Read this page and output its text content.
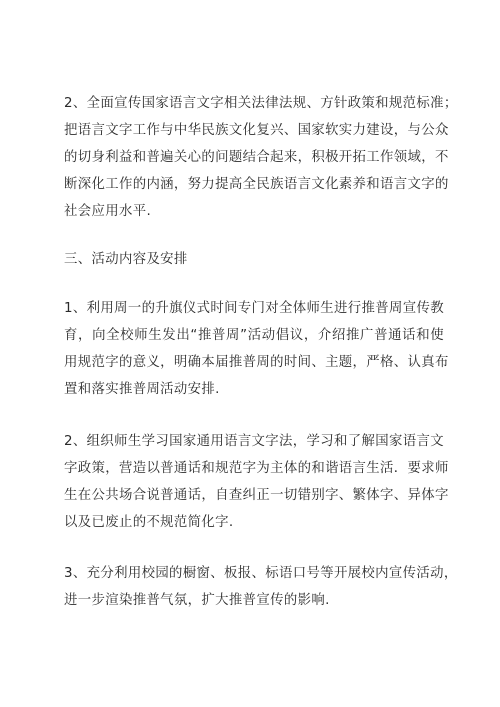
2、全面宣传国家语言文字相关法律法规、方针政策和规范标准；
把语言文字工作与中华民族文化复兴、国家软实力建设，与公众
的切身利益和普遍关心的问题结合起来，积极开拓工作领域，不
断深化工作的内涵，努力提高全民族语言文化素养和语言文字的
社会应用水平.
三、活动内容及安排
1、利用周一的升旗仪式时间专门对全体师生进行推普周宣传教
育，向全校师生发出“推普周”活动倡议，介绍推广普通话和使
用规范字的意义，明确本届推普周的时间、主题，严格、认真布
置和落实推普周活动安排.
2、组织师生学习国家通用语言文字法，学习和了解国家语言文
字政策，营造以普通话和规范字为主体的和谐语言生活．要求师
生在公共场合说普通话，自查纠正一切错别字、繁体字、异体字
以及已废止的不规范简化字.
3、充分利用校园的橱窗、板报、标语口号等开展校内宣传活动，
进一步渲染推普气氛，扩大推普宣传的影响.
